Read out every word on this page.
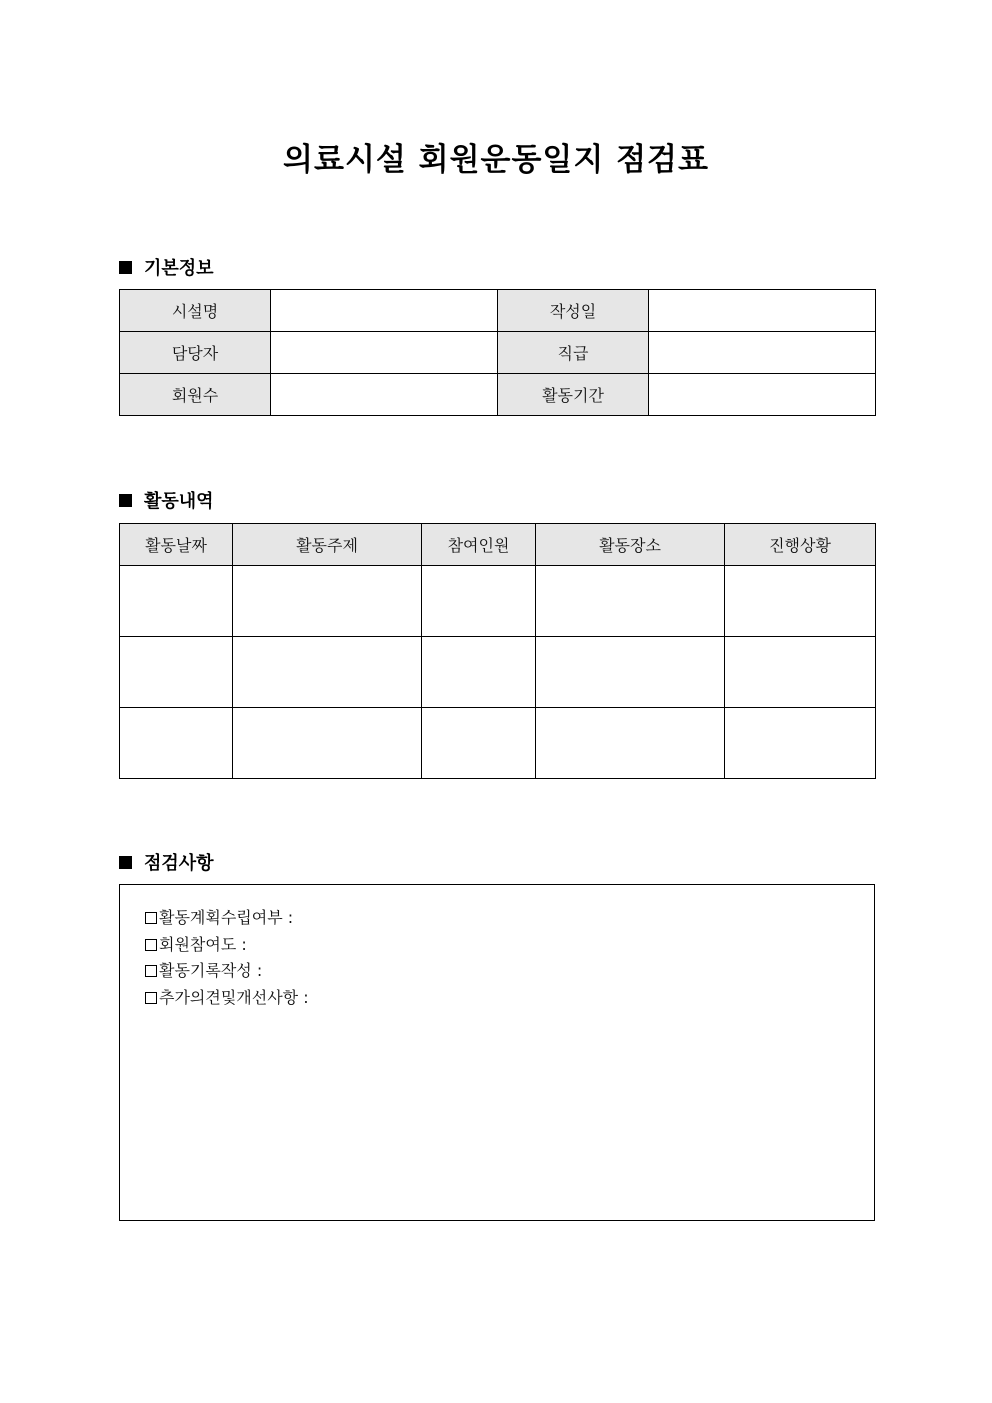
의료시설 회원운동일지 점검표
기본정보
시설명		작성일	
담당자		직급	
회원수		활동기간	
활동내역
활동날짜	활동주제	참여인원	활동장소	진행상황

점검사항
활동계획수립여부 :
회원참여도 :
활동기록작성 :
추가의견및개선사항 :
